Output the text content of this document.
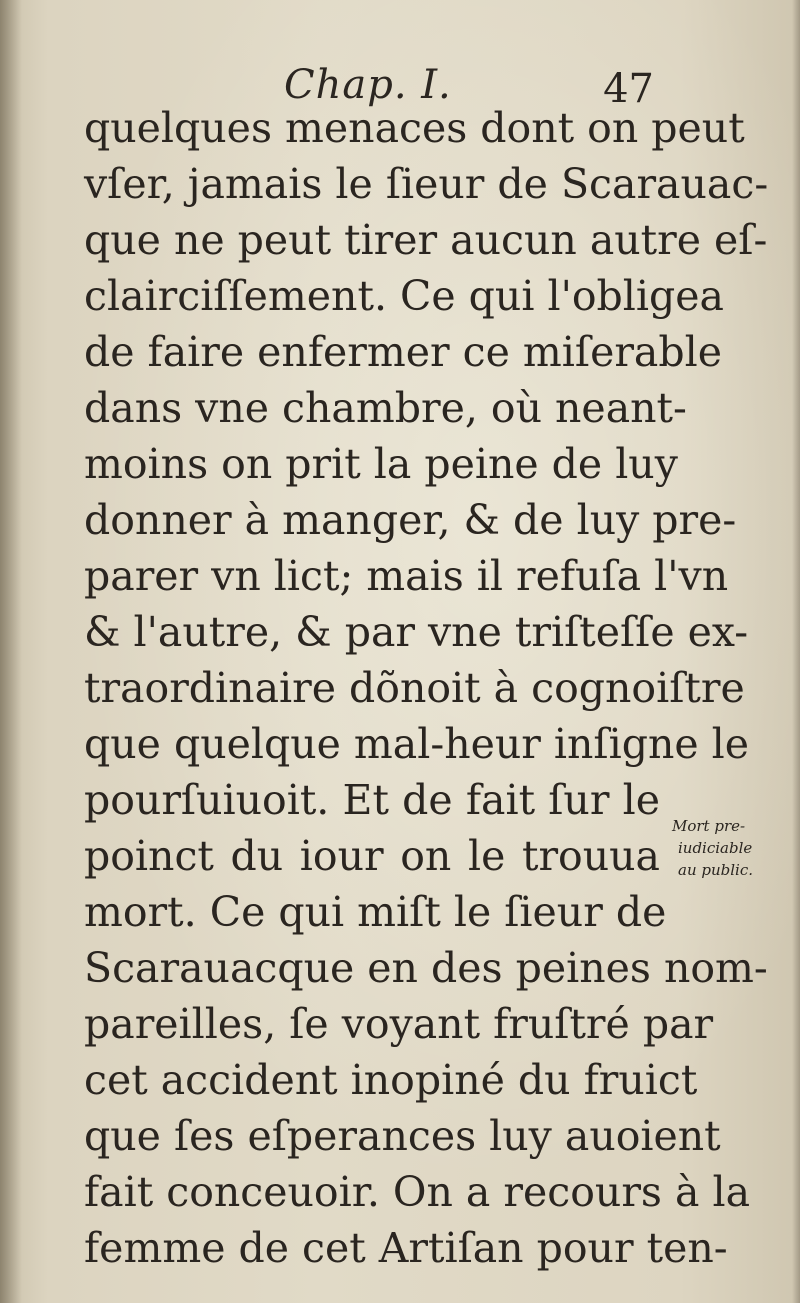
Chap. I.	47
quelques menaces dont on peut
vſer, jamais le ſieur de Scarauac-
que ne peut tirer aucun autre eſ-
clairciſſement. Ce qui l'obligea
de faire enfermer ce miſerable
dans vne chambre, où neant-
moins on prit la peine de luy
donner à manger, & de luy pre-
parer vn lict; mais il refuſa l'vn
& l'autre, & par vne triſteſſe ex-
traordinaire dõnoit à cognoiſtre
que quelque mal-heur inſigne le
pourſuiuoit. Et de fait ſur le
poinct du iour on le trouua
mort. Ce qui miſt le ſieur de
Scarauacque en des peines nom-
pareilles, ſe voyant fruſtré par
cet accident inopiné du fruict
que ſes eſperances luy auoient
fait conceuoir. On a recours à la
femme de cet Artiſan pour ten-
Mort pre-
iudiciable
au public.
